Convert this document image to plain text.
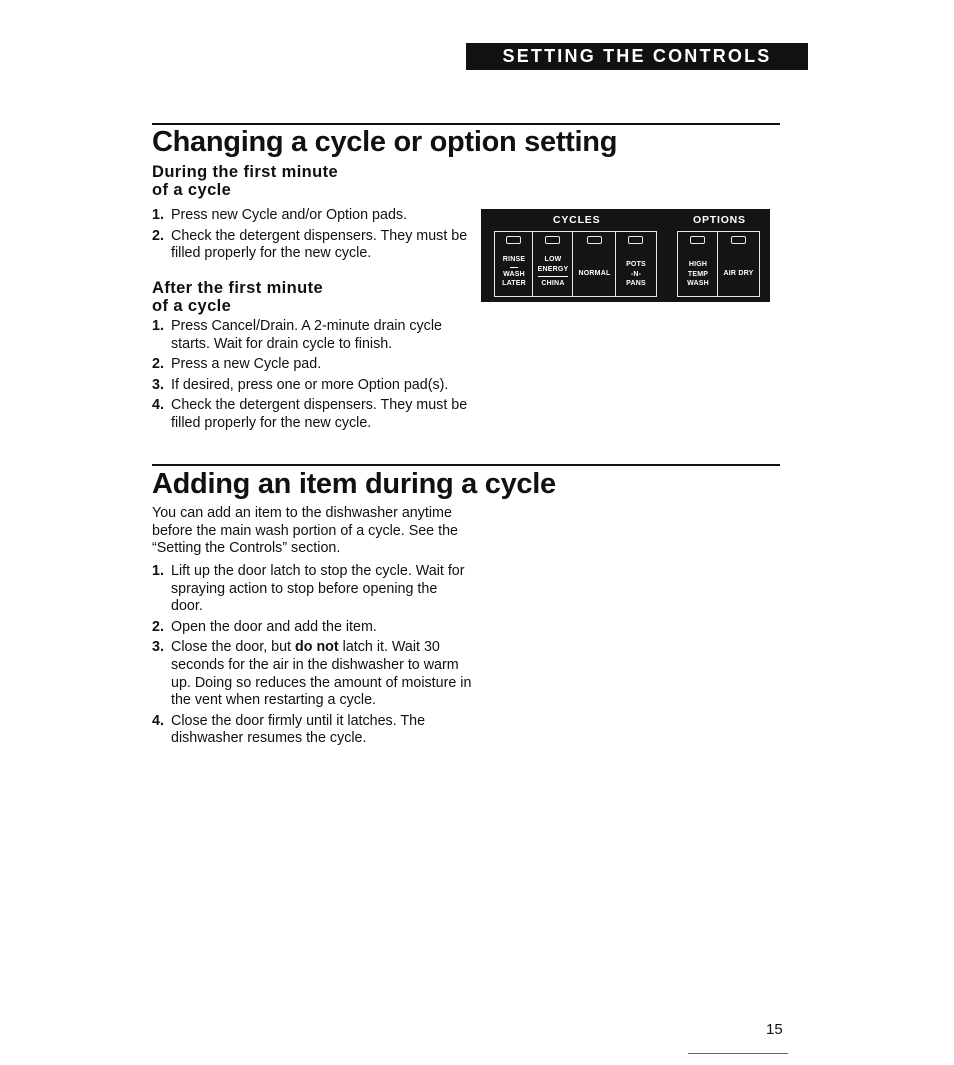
SETTING THE CONTROLS
Changing a cycle or option setting
During the first minute
of a cycle
1. Press new Cycle and/or Option pads.
2. Check the detergent dispensers. They must be filled properly for the new cycle.
After the first minute
of a cycle
1. Press Cancel/Drain. A 2-minute drain cycle starts. Wait for drain cycle to finish.
2. Press a new Cycle pad.
3. If desired, press one or more Option pad(s).
4. Check the detergent dispensers. They must be filled properly for the new cycle.
CYCLES	OPTIONS
RINSE
WASH
LATER
LOW
ENERGY
CHINA
NORMAL
POTS
-N-
PANS
HIGH
TEMP
WASH
AIR DRY
Adding an item during a cycle

You can add an item to the dishwasher anytime before the main wash portion of a cycle. See the “Setting the Controls” section.

1. Lift up the door latch to stop the cycle. Wait for spraying action to stop before opening the door.
2. Open the door and add the item.
3. Close the door, but do not latch it. Wait 30 seconds for the air in the dishwasher to warm up. Doing so reduces the amount of moisture in the vent when restarting a cycle.
4. Close the door firmly until it latches. The dishwasher resumes the cycle.
15
